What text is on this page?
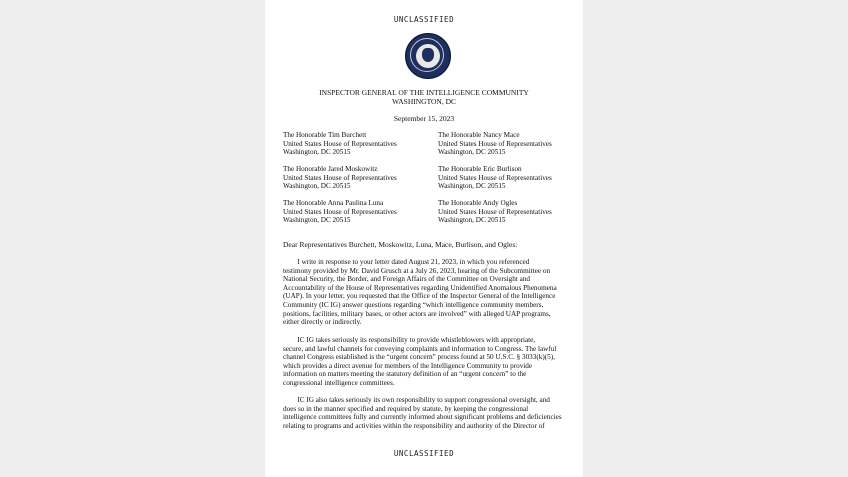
UNCLASSIFIED
INSPECTOR GENERAL OF THE INTELLIGENCE COMMUNITY
WASHINGTON, DC
September 15, 2023
The Honorable Tim Burchett
United States House of Representatives
Washington, DC 20515
The Honorable Jared Moskowitz
United States House of Representatives
Washington, DC 20515
The Honorable Anna Paulina Luna
United States House of Representatives
Washington, DC 20515
The Honorable Nancy Mace
United States House of Representatives
Washington, DC 20515
The Honorable Eric Burlison
United States House of Representatives
Washington, DC 20515
The Honorable Andy Ogles
United States House of Representatives
Washington, DC 20515
Dear Representatives Burchett, Moskowitz, Luna, Mace, Burlison, and Ogles:
I write in response to your letter dated August 21, 2023, in which you referenced
testimony provided by Mr. David Grusch at a July 26, 2023, hearing of the Subcommittee on
National Security, the Border, and Foreign Affairs of the Committee on Oversight and
Accountability of the House of Representatives regarding Unidentified Anomalous Phenomena
(UAP). In your letter, you requested that the Office of the Inspector General of the Intelligence
Community (IC IG) answer questions regarding “which intelligence community members,
positions, facilities, military bases, or other actors are involved” with alleged UAP programs,
either directly or indirectly.
IC IG takes seriously its responsibility to provide whistleblowers with appropriate,
secure, and lawful channels for conveying complaints and information to Congress. The lawful
channel Congress established is the “urgent concern” process found at 50 U.S.C. § 3033(k)(5),
which provides a direct avenue for members of the Intelligence Community to provide
information on matters meeting the statutory definition of an “urgent concern” to the
congressional intelligence committees.
IC IG also takes seriously its own responsibility to support congressional oversight, and
does so in the manner specified and required by statute, by keeping the congressional
intelligence committees fully and currently informed about significant problems and deficiencies
relating to programs and activities within the responsibility and authority of the Director of
UNCLASSIFIED
